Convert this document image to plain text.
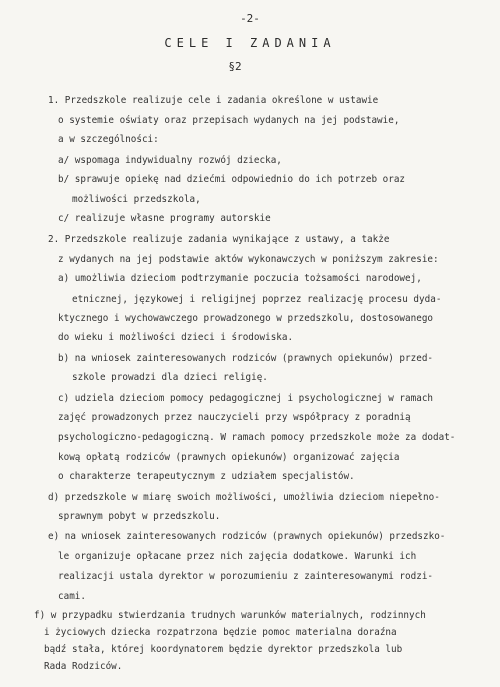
-2-
CELE I ZADANIA
§2
1. Przedszkole realizuje cele i zadania określone w ustawie
o systemie oświaty oraz przepisach wydanych na jej podstawie,
a w szczególności:
a/ wspomaga indywidualny rozwój dziecka,
b/ sprawuje opiekę nad dziećmi odpowiednio do ich potrzeb oraz
możliwości przedszkola,
c/ realizuje własne programy autorskie
2. Przedszkole realizuje zadania wynikające z ustawy, a także
z wydanych na jej podstawie aktów wykonawczych w poniższym zakresie:
a) umożliwia dzieciom podtrzymanie poczucia tożsamości narodowej,
etnicznej, językowej i religijnej poprzez realizację procesu dyda-
ktycznego i wychowawczego prowadzonego w przedszkolu, dostosowanego
do wieku i możliwości dzieci i środowiska.
b) na wniosek zainteresowanych rodziców (prawnych opiekunów) przed-
szkole prowadzi dla dzieci religię.
c) udziela dzieciom pomocy pedagogicznej i psychologicznej w ramach
zajęć prowadzonych przez nauczycieli przy współpracy z poradnią
psychologiczno-pedagogiczną. W ramach pomocy przedszkole może za dodat-
kową opłatą rodziców (prawnych opiekunów) organizować zajęcia
o charakterze terapeutycznym z udziałem specjalistów.
d) przedszkole w miarę swoich możliwości, umożliwia dzieciom niepełno-
sprawnym pobyt w przedszkolu.
e) na wniosek zainteresowanych rodziców (prawnych opiekunów) przedszko-
le organizuje opłacane przez nich zajęcia dodatkowe. Warunki ich
realizacji ustala dyrektor w porozumieniu z zainteresowanymi rodzi-
cami.
f) w przypadku stwierdzania trudnych warunków materialnych, rodzinnych
i życiowych dziecka rozpatrzona będzie pomoc materialna doraźna
bądź stała, której koordynatorem będzie dyrektor przedszkola lub
Rada Rodziców.
